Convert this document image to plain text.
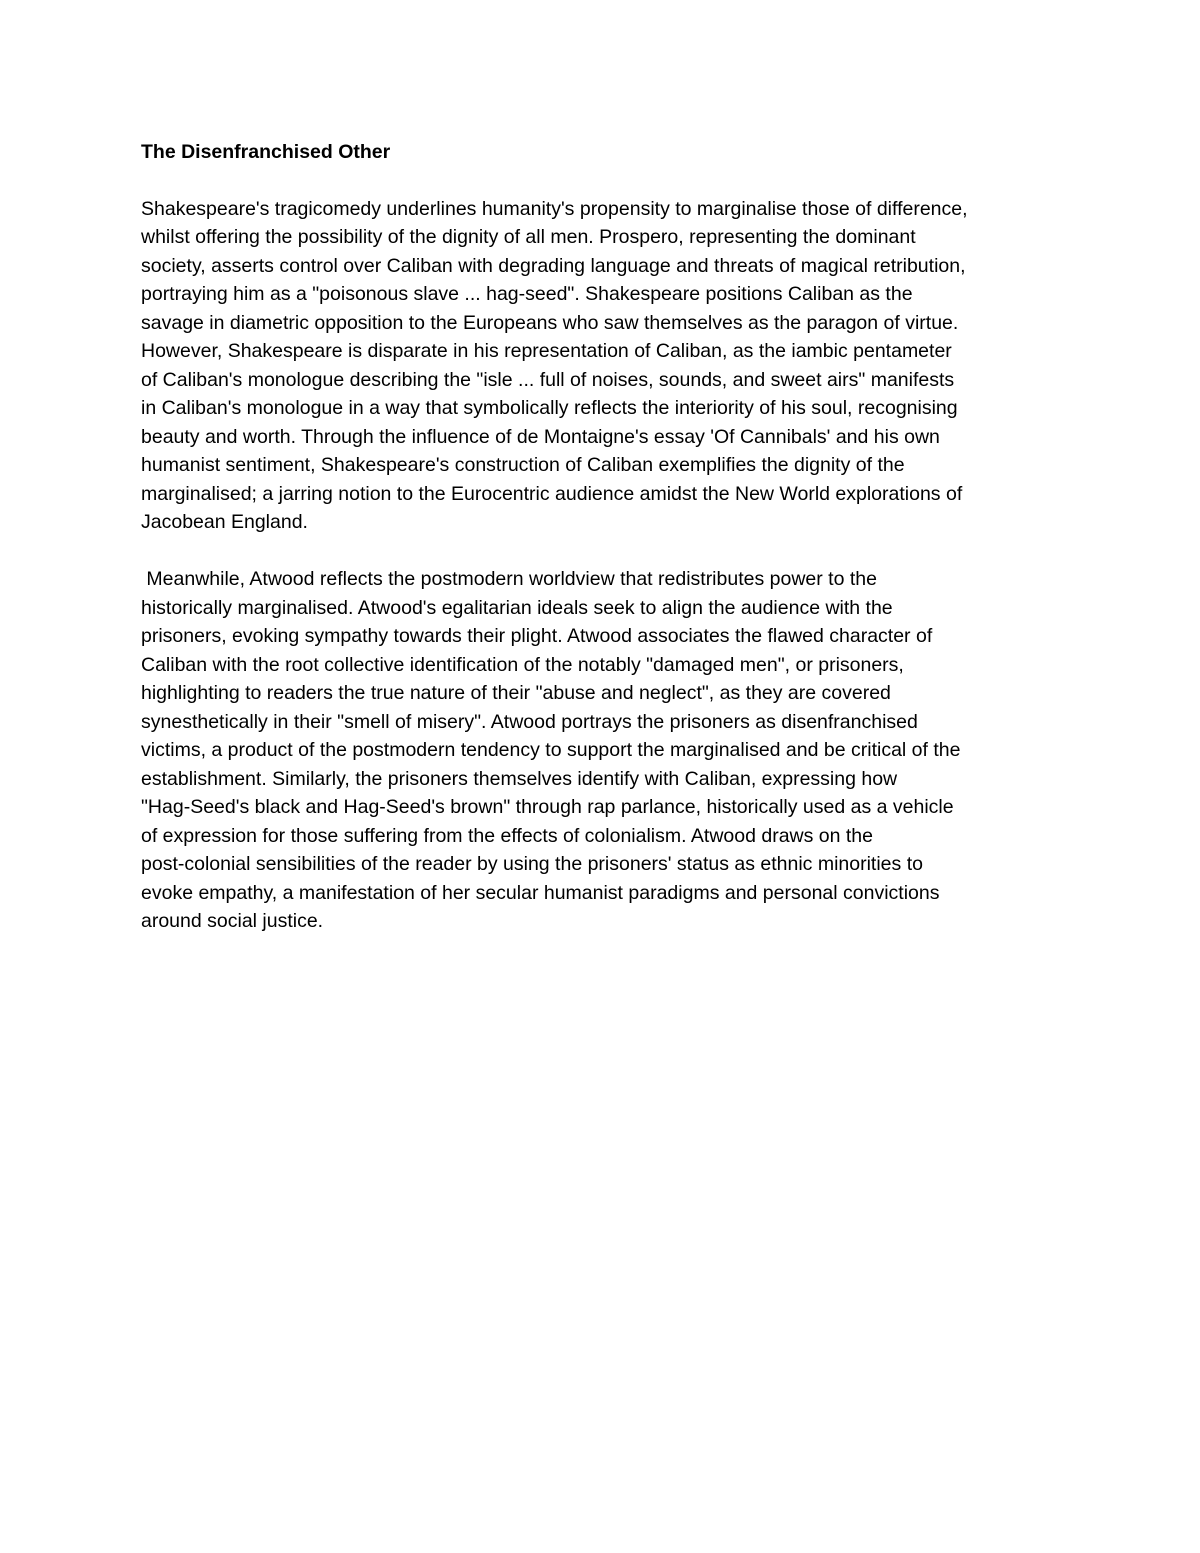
The Disenfranchised Other

Shakespeare's tragicomedy underlines humanity's propensity to marginalise those of difference,
whilst offering the possibility of the dignity of all men. Prospero, representing the dominant
society, asserts control over Caliban with degrading language and threats of magical retribution,
portraying him as a "poisonous slave ... hag-seed". Shakespeare positions Caliban as the
savage in diametric opposition to the Europeans who saw themselves as the paragon of virtue.
However, Shakespeare is disparate in his representation of Caliban, as the iambic pentameter
of Caliban's monologue describing the "isle ... full of noises, sounds, and sweet airs" manifests
in Caliban's monologue in a way that symbolically reflects the interiority of his soul, recognising
beauty and worth. Through the influence of de Montaigne's essay 'Of Cannibals' and his own
humanist sentiment, Shakespeare's construction of Caliban exemplifies the dignity of the
marginalised; a jarring notion to the Eurocentric audience amidst the New World explorations of
Jacobean England.

Meanwhile, Atwood reflects the postmodern worldview that redistributes power to the
historically marginalised. Atwood's egalitarian ideals seek to align the audience with the
prisoners, evoking sympathy towards their plight. Atwood associates the flawed character of
Caliban with the root collective identification of the notably "damaged men", or prisoners,
highlighting to readers the true nature of their "abuse and neglect", as they are covered
synesthetically in their "smell of misery". Atwood portrays the prisoners as disenfranchised
victims, a product of the postmodern tendency to support the marginalised and be critical of the
establishment. Similarly, the prisoners themselves identify with Caliban, expressing how
"Hag-Seed's black and Hag-Seed's brown" through rap parlance, historically used as a vehicle
of expression for those suffering from the effects of colonialism. Atwood draws on the
post-colonial sensibilities of the reader by using the prisoners' status as ethnic minorities to
evoke empathy, a manifestation of her secular humanist paradigms and personal convictions
around social justice.
